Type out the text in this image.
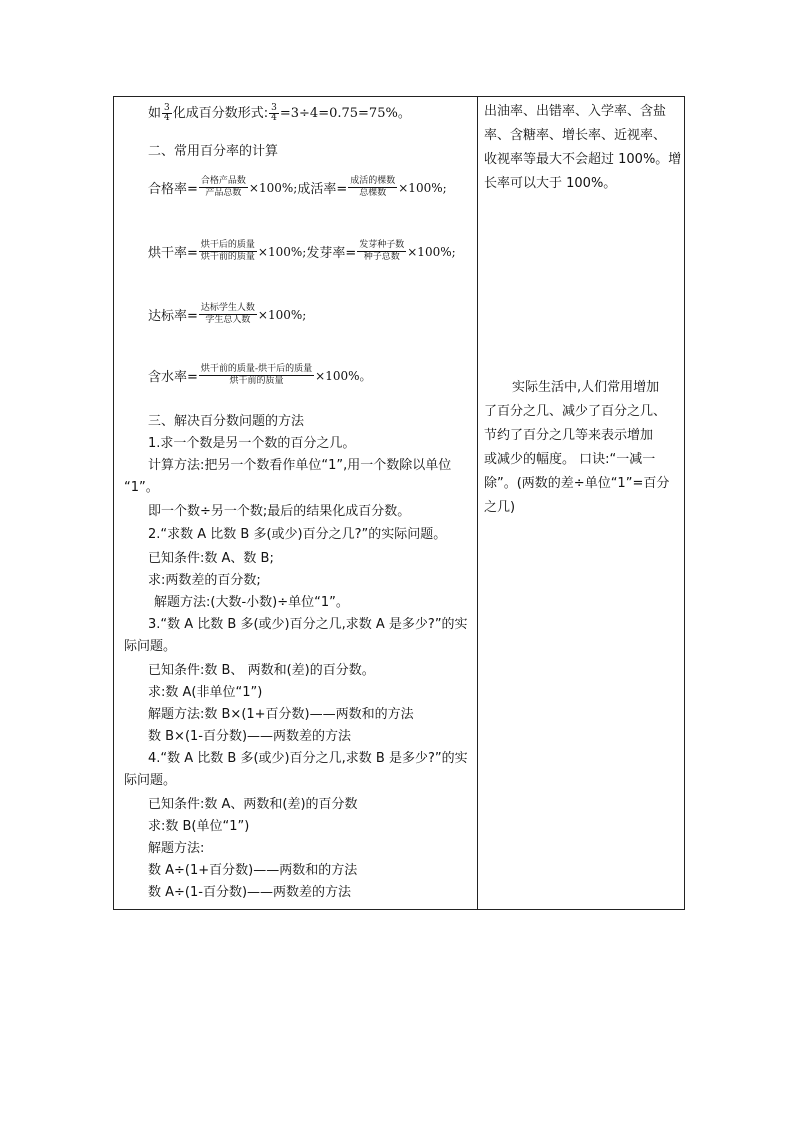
如 $\frac{3}{4}$ 化成百分数形式: $\frac{3}{4} =3\div 4=0.75=75\%$。
二、常用百分率的计算
合格率= $\frac{\text{合格产品数}}{\text{产品总数}} \times 100\%$; 成活率= $\frac{\text{成活的棵数}}{\text{总棵数}} \times 100\%$;
烘干率= $\frac{\text{烘干后的质量}}{\text{烘干前的质量}} \times 100\%$; 发芽率= $\frac{\text{发芽种子数}}{\text{种子总数}} \times 100\%$;
达标率= $\frac{\text{达标学生人数}}{\text{学生总人数}} \times 100\%$;
含水率= $\frac{\text{烘干前的质量-烘干后的质量}}{\text{烘干前的质量}} \times 100\%$。
三、解决百分数问题的方法
1.求一个数是另一个数的百分之几。
计算方法:把另一个数看作单位“1”,用一个数除以单位
“1”。
即一个数÷另一个数;最后的结果化成百分数。
2.“求数 A 比数 B 多(或少)百分之几?”的实际问题。
已知条件:数 A、数 B;
求:两数差的百分数;
解题方法:(大数-小数)÷单位“1”。
3.“数 A 比数 B 多(或少)百分之几,求数 A 是多少?”的实
际问题。
已知条件:数 B、 两数和(差)的百分数。
求:数 A(非单位“1”)
解题方法:数 B×(1+百分数)——两数和的方法
数 B×(1-百分数)——两数差的方法
4.“数 A 比数 B 多(或少)百分之几,求数 B 是多少?”的实
际问题。
已知条件:数 A、两数和(差)的百分数
求:数 B(单位“1”)
解题方法:
数 A÷(1+百分数)——两数和的方法
数 A÷(1-百分数)——两数差的方法
出油率、出错率、入学率、含盐
率、含糖率、增长率、近视率、
收视率等最大不会超过 100%。增
长率可以大于 100%。
实际生活中,人们常用增加
了百分之几、减少了百分之几、
节约了百分之几等来表示增加
或减少的幅度。 口诀:“一减一
除”。(两数的差÷单位“1”=百分
之几)
